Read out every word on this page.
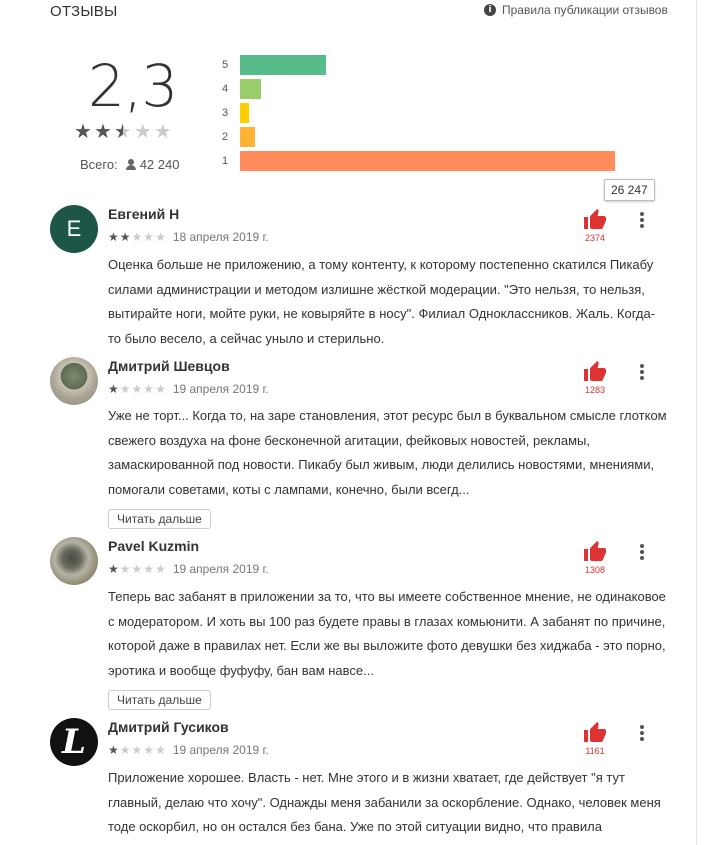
ОТЗЫВЫ	i Правила публикации отзывов
2,3
★ ★ ★ ★ ★
Всего: 42 240
5
4
3
2
1
26 247
E
Евгений Н
★ ★ ★ ★ ★ 18 апреля 2019 г.
Оценка больше не приложению, а тому контенту, к которому постепенно скатился Пикабу силами администрации и методом излишне жёсткой модерации. "Это нельзя, то нельзя, вытирайте ноги, мойте руки, не ковыряйте в носу". Филиал Одноклассников. Жаль. Когда-то было весело, а сейчас уныло и стерильно.
2374
Дмитрий Шевцов
★ ★ ★ ★ ★ 19 апреля 2019 г.
Уже не торт... Когда то, на заре становления, этот ресурс был в буквальном смысле глотком свежего воздуха на фоне бесконечной агитации, фейковых новостей, рекламы, замаскированной под новости. Пикабу был живым, люди делились новостями, мнениями, помогали советами, коты с лампами, конечно, были всегд...
Читать дальше
1283
Pavel Kuzmin
★ ★ ★ ★ ★ 19 апреля 2019 г.
Теперь вас забанят в приложении за то, что вы имеете собственное мнение, не одинаковое с модератором. И хоть вы 100 раз будете правы в глазах комьюнити. А забанят по причине, которой даже в правилах нет. Если же вы выложите фото девушки без хиджаба - это порно, эротика и вообще фуфуфу, бан вам навсе...
Читать дальше
1308
L Дмитрий Гусиков
★ ★ ★ ★ ★ 19 апреля 2019 г.
Приложение хорошее. Власть - нет. Мне этого и в жизни хватает, где действует "я тут главный, делаю что хочу". Однажды меня забанили за оскорбление. Однако, человек меня тоде оскорбил, но он остался без бана. Уже по этой ситуации видно, что правила
1161
